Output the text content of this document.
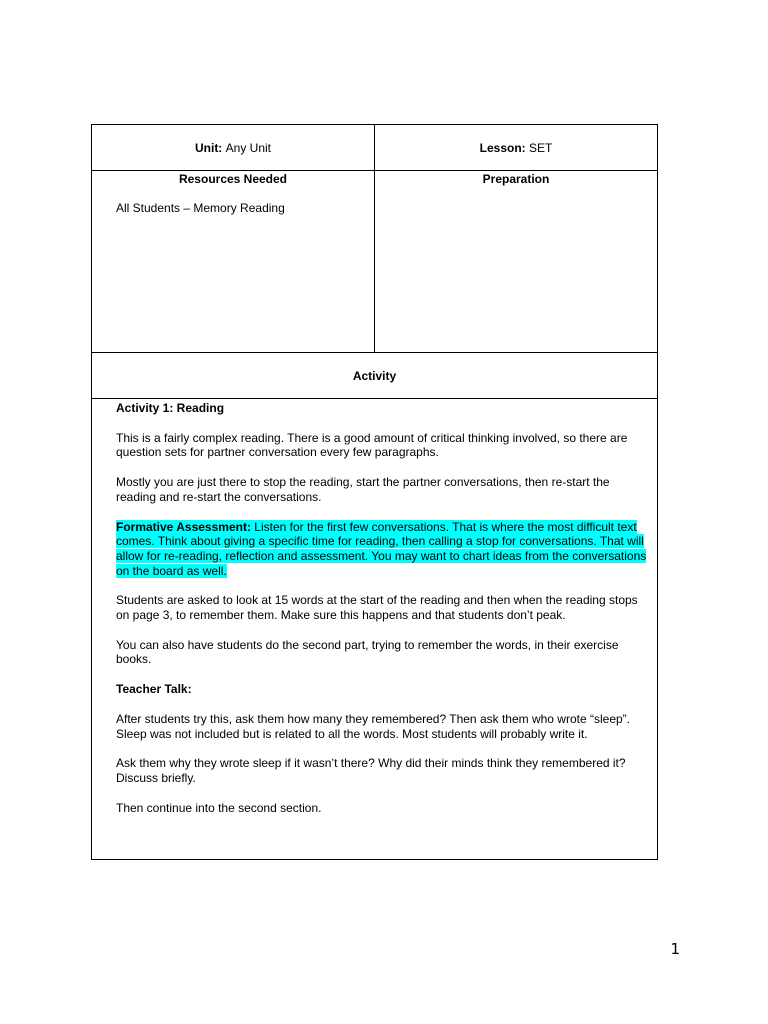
Unit:
Any Unit	Lesson:
SET
Resources Needed
All Students – Memory Reading
Preparation
Activity

Activity 1: Reading

This is a fairly complex reading. There is a good amount of critical thinking involved, so there are question sets for partner conversation every few paragraphs.

Mostly you are just there to stop the reading, start the partner conversations, then re-start the reading and re-start the conversations.

Formative Assessment: Listen for the first few conversations. That is where the most difficult text comes. Think about giving a specific time for reading, then calling a stop for conversations. That will allow for re-reading, reflection and assessment. You may want to chart ideas from the conversations on the board as well.

Students are asked to look at 15 words at the start of the reading and then when the reading stops on page 3, to remember them. Make sure this happens and that students don’t peak.

You can also have students do the second part, trying to remember the words, in their exercise books.

Teacher Talk:

After students try this, ask them how many they remembered? Then ask them who wrote “sleep”. Sleep was not included but is related to all the words. Most students will probably write it.

Ask them why they wrote sleep if it wasn’t there? Why did their minds think they remembered it? Discuss briefly.

Then continue into the second section.

1
